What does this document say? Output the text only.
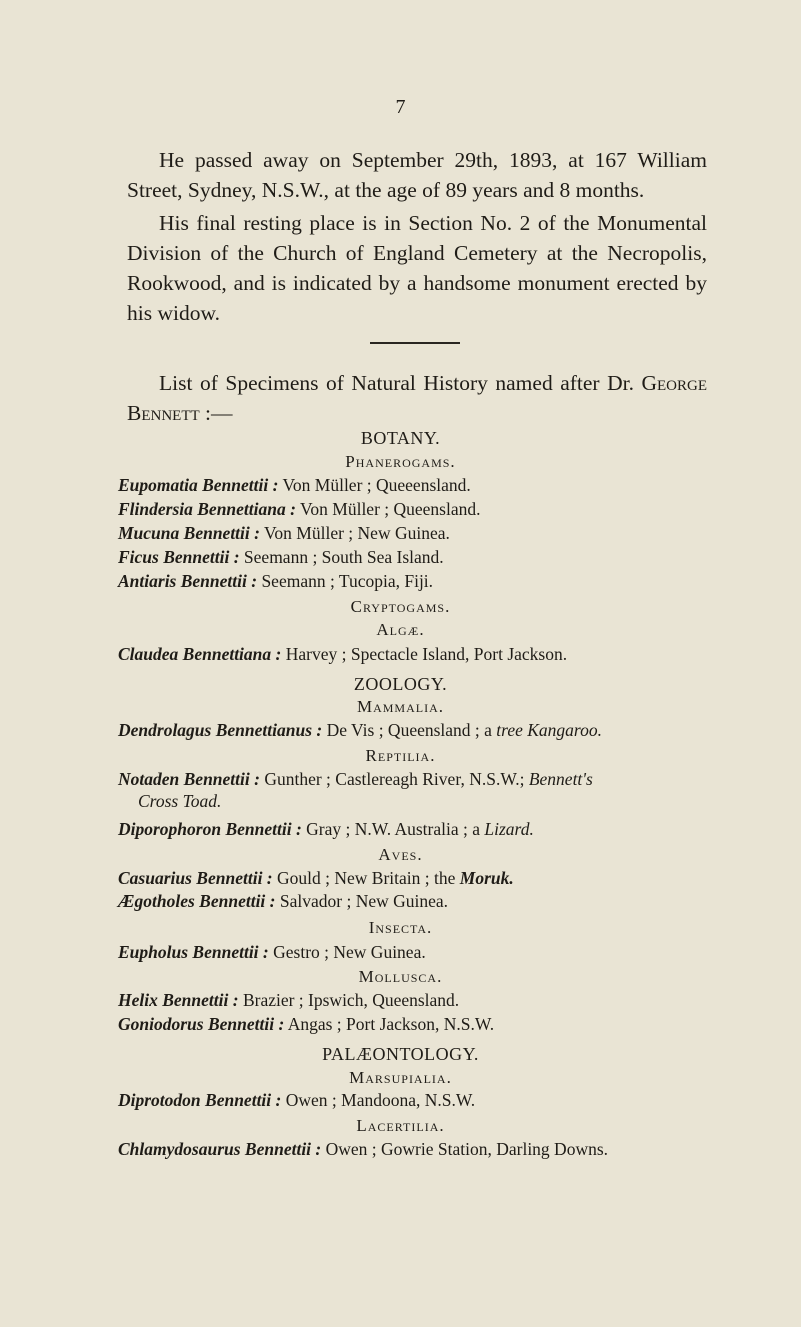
7

He passed away on September 29th, 1893, at 167 William Street, Sydney, N.S.W., at the age of 89 years and 8 months.

His final resting place is in Section No. 2 of the Monumental Division of the Church of England Cemetery at the Necropolis, Rookwood, and is indicated by a handsome monument erected by his widow.

List of Specimens of Natural History named after Dr. George Bennett :—

BOTANY.
Phanerogams.

Eupomatia Bennettii : Von Müller ; Queeensland.

Flindersia Bennettiana : Von Müller ; Queensland.

Mucuna Bennettii : Von Müller ; New Guinea.

Ficus Bennettii : Seemann ; South Sea Island.

Antiaris Bennettii : Seemann ; Tucopia, Fiji.

Cryptogams.
Algæ.

Claudea Bennettiana : Harvey ; Spectacle Island, Port Jackson.

ZOOLOGY.
Mammalia.

Dendrolagus Bennettianus : De Vis ; Queensland ; a tree Kangaroo.

Reptilia.

Notaden Bennettii : Gunther ; Castlereagh River, N.S.W.; Bennett's
Cross Toad.

Diporophoron Bennettii : Gray ; N.W. Australia ; a Lizard.

Aves.

Casuarius Bennettii : Gould ; New Britain ; the Moruk.

Ægotholes Bennettii : Salvador ; New Guinea.

Insecta.

Eupholus Bennettii : Gestro ; New Guinea.

Mollusca.

Helix Bennettii : Brazier ; Ipswich, Queensland.

Goniodorus Bennettii : Angas ; Port Jackson, N.S.W.

PALÆONTOLOGY.
Marsupialia.

Diprotodon Bennettii : Owen ; Mandoona, N.S.W.

Lacertilia.

Chlamydosaurus Bennettii : Owen ; Gowrie Station, Darling Downs.
